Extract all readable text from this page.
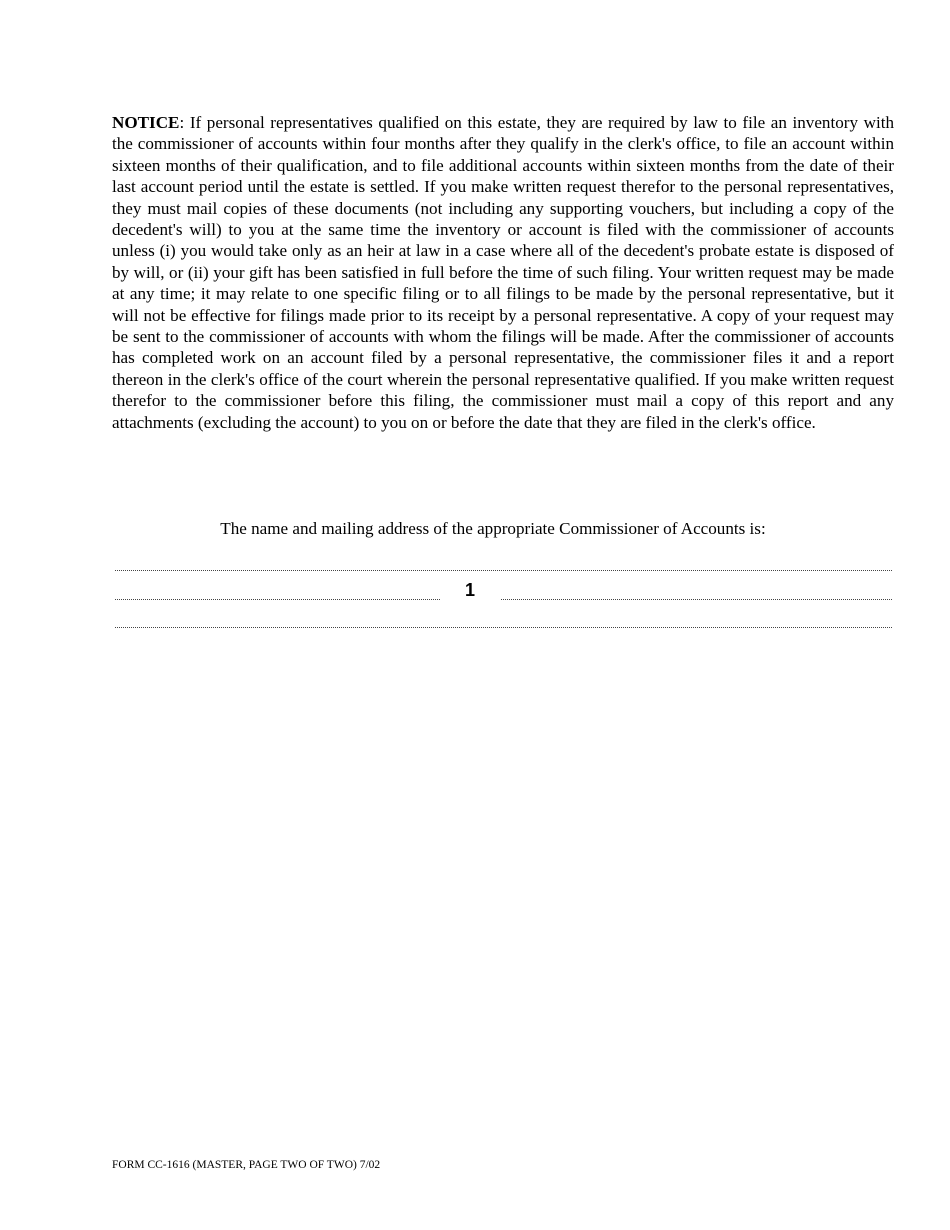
NOTICE: If personal representatives qualified on this estate, they are required by law to file an inventory with the commissioner of accounts within four months after they qualify in the clerk's office, to file an account within sixteen months of their qualification, and to file additional accounts within sixteen months from the date of their last account period until the estate is settled. If you make written request therefor to the personal representatives, they must mail copies of these documents (not including any supporting vouchers, but including a copy of the decedent's will) to you at the same time the inventory or account is filed with the commissioner of accounts unless (i) you would take only as an heir at law in a case where all of the decedent's probate estate is disposed of by will, or (ii) your gift has been satisfied in full before the time of such filing. Your written request may be made at any time; it may relate to one specific filing or to all filings to be made by the personal representative, but it will not be effective for filings made prior to its receipt by a personal representative. A copy of your request may be sent to the commissioner of accounts with whom the filings will be made. After the commissioner of accounts has completed work on an account filed by a personal representative, the commissioner files it and a report thereon in the clerk's office of the court wherein the personal representative qualified. If you make written request therefor to the commissioner before this filing, the commissioner must mail a copy of this report and any attachments (excluding the account) to you on or before the date that they are filed in the clerk's office.

The name and mailing address of the appropriate Commissioner of Accounts is:

1

FORM CC-1616 (MASTER, PAGE TWO OF TWO) 7/02
